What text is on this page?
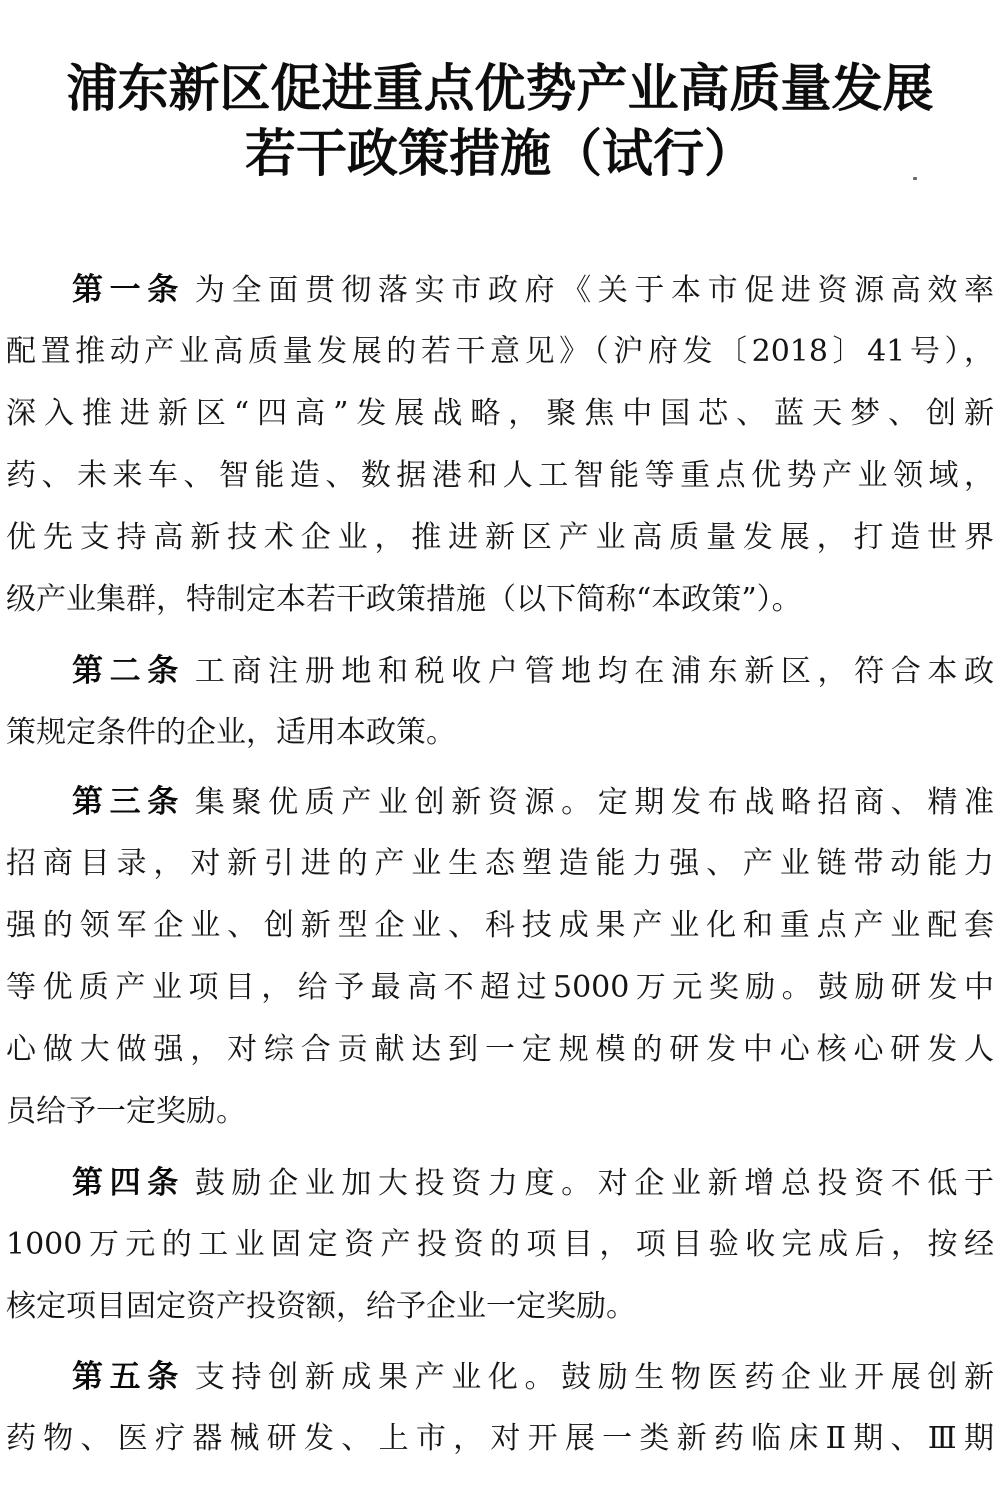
浦东新区促进重点优势产业高质量发展
若干政策措施（试行）
第一条 为全面贯彻落实市政府《关于本市促进资源高效率
配置推动产业高质量发展的若干意见》（沪府发〔2018〕41号），
深入推进新区“四高”发展战略，聚焦中国芯、蓝天梦、创新
药、未来车、智能造、数据港和人工智能等重点优势产业领域，
优先支持高新技术企业，推进新区产业高质量发展，打造世界
级产业集群，特制定本若干政策措施（以下简称“本政策”）。
第二条 工商注册地和税收户管地均在浦东新区，符合本政
策规定条件的企业，适用本政策。
第三条 集聚优质产业创新资源。定期发布战略招商、精准
招商目录，对新引进的产业生态塑造能力强、产业链带动能力
强的领军企业、创新型企业、科技成果产业化和重点产业配套
等优质产业项目，给予最高不超过5000万元奖励。鼓励研发中
心做大做强，对综合贡献达到一定规模的研发中心核心研发人
员给予一定奖励。
第四条 鼓励企业加大投资力度。对企业新增总投资不低于
1000万元的工业固定资产投资的项目，项目验收完成后，按经
核定项目固定资产投资额，给予企业一定奖励。
第五条 支持创新成果产业化。鼓励生物医药企业开展创新
药物、医疗器械研发、上市，对开展一类新药临床Ⅱ期、Ⅲ期
